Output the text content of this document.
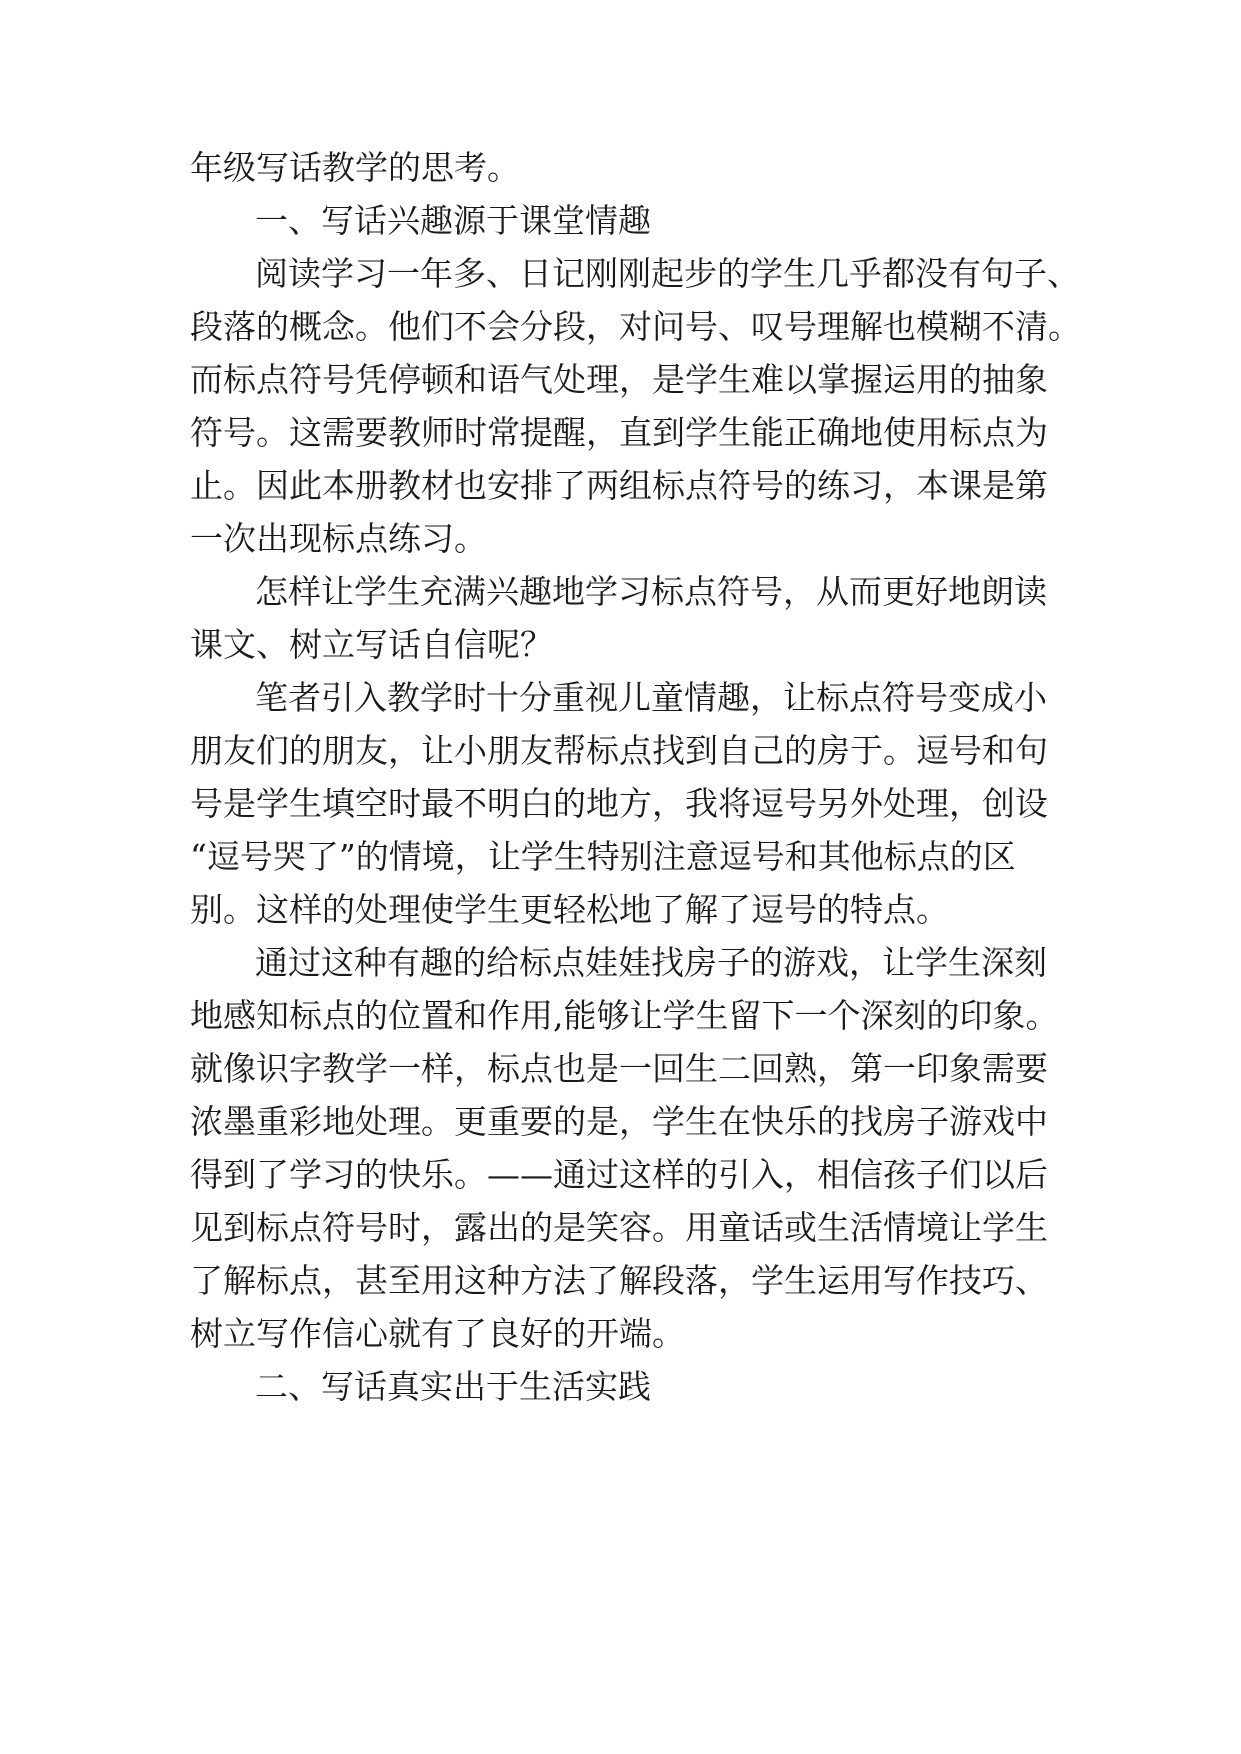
年级写话教学的思考。

一、写话兴趣源于课堂情趣

阅读学习一年多、日记刚刚起步的学生几乎都没有句子、

段落的概念。他们不会分段，对问号、叹号理解也模糊不清。

而标点符号凭停顿和语气处理，是学生难以掌握运用的抽象

符号。这需要教师时常提醒，直到学生能正确地使用标点为

止。因此本册教材也安排了两组标点符号的练习，本课是第

一次出现标点练习。

怎样让学生充满兴趣地学习标点符号，从而更好地朗读

课文、树立写话自信呢？

笔者引入教学时十分重视儿童情趣，让标点符号变成小

朋友们的朋友，让小朋友帮标点找到自己的房于。逗号和句

号是学生填空时最不明白的地方，我将逗号另外处理，创设

“逗号哭了”的情境，让学生特别注意逗号和其他标点的区

别。这样的处理使学生更轻松地了解了逗号的特点。

通过这种有趣的给标点娃娃找房子的游戏，让学生深刻

地感知标点的位置和作用,能够让学生留下一个深刻的印象。

就像识字教学一样，标点也是一回生二回熟，第一印象需要

浓墨重彩地处理。更重要的是，学生在快乐的找房子游戏中

得到了学习的快乐。——通过这样的引入，相信孩子们以后

见到标点符号时，露出的是笑容。用童话或生活情境让学生

了解标点，甚至用这种方法了解段落，学生运用写作技巧、

树立写作信心就有了良好的开端。

二、写话真实出于生活实践
